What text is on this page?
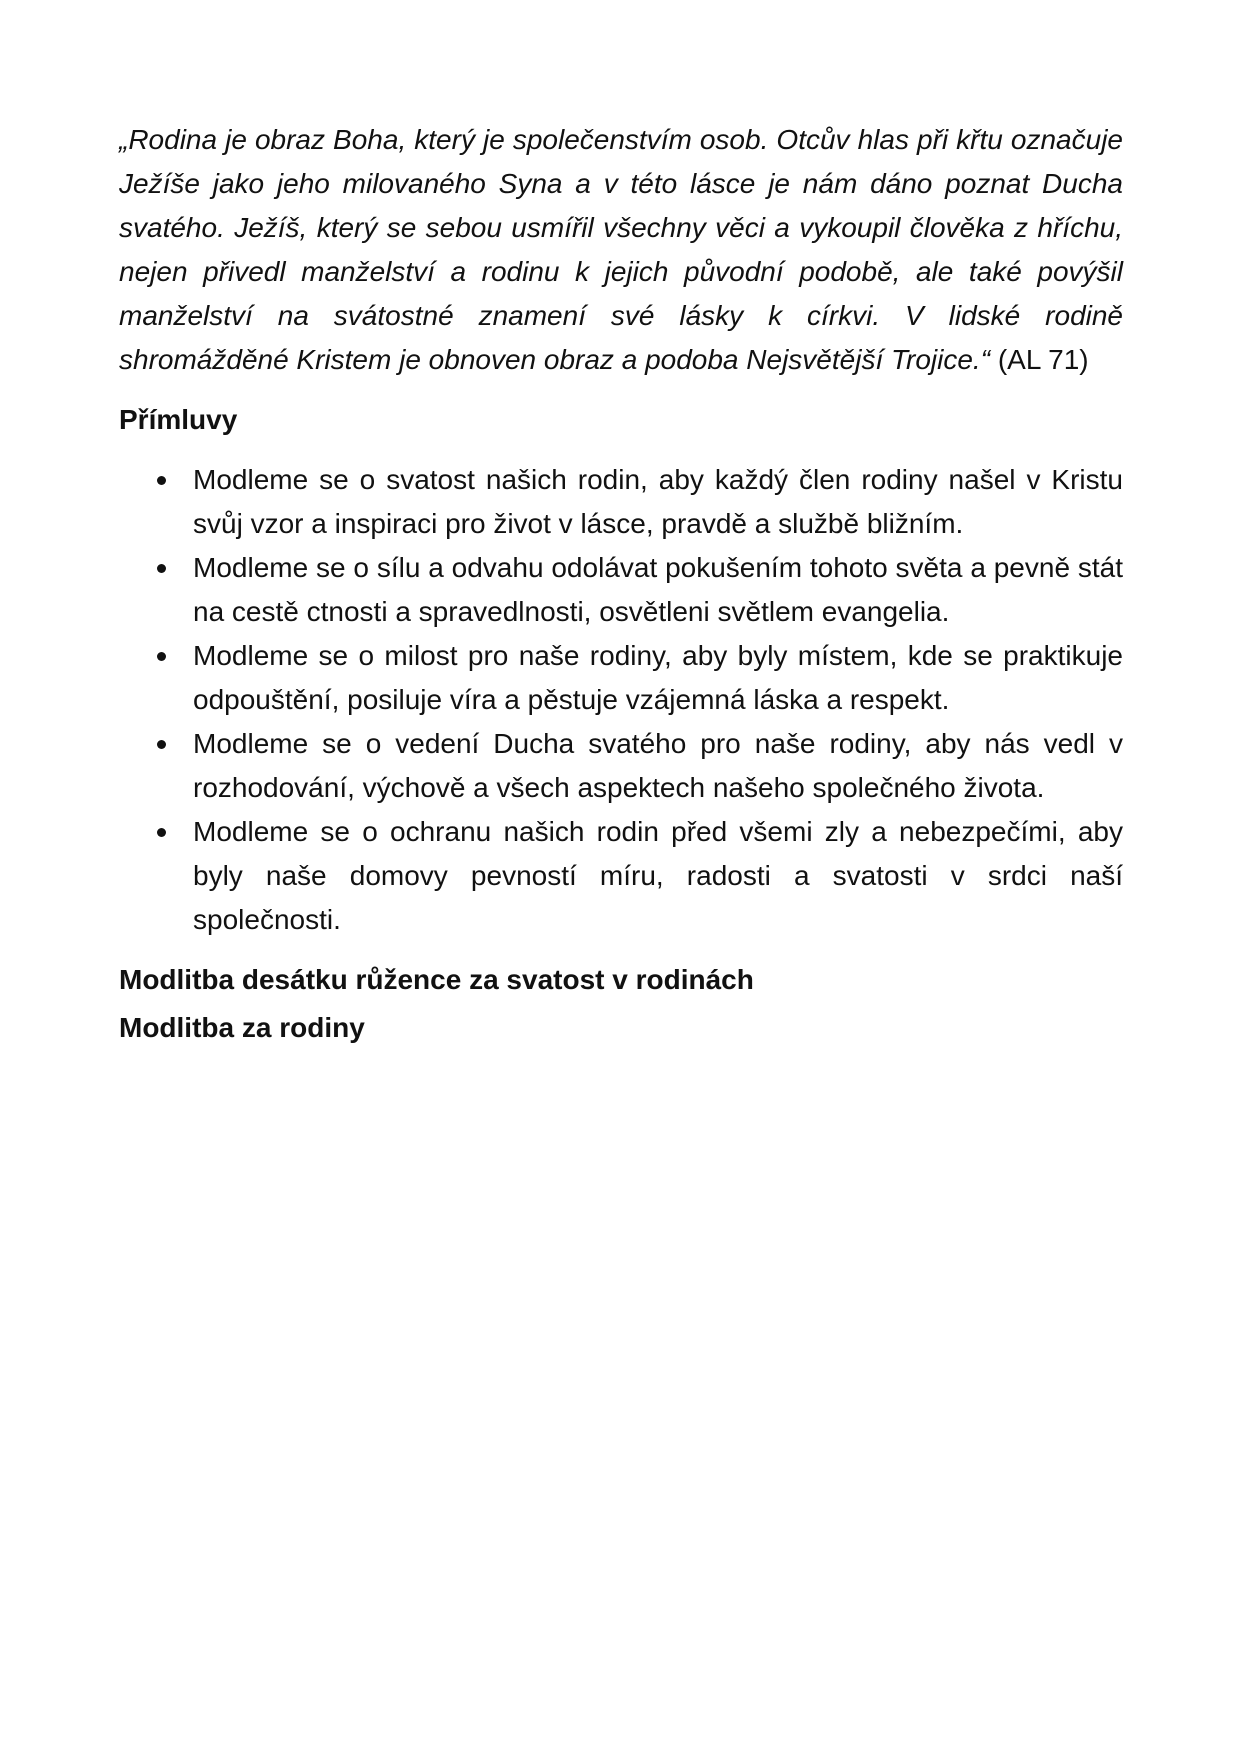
„Rodina je obraz Boha, který je společenstvím osob. Otcův hlas při křtu označuje Ježíše jako jeho milovaného Syna a v této lásce je nám dáno poznat Ducha svatého. Ježíš, který se sebou usmířil všechny věci a vykoupil člověka z hříchu, nejen přivedl manželství a rodinu k jejich původní podobě, ale také povýšil manželství na svátostné znamení své lásky k církvi. V lidské rodině shromážděné Kristem je obnoven obraz a podoba Nejsvětější Trojice.“ (AL 71)

Přímluvy

Modleme se o svatost našich rodin, aby každý člen rodiny našel v Kristu svůj vzor a inspiraci pro život v lásce, pravdě a službě bližním.
Modleme se o sílu a odvahu odolávat pokušením tohoto světa a pevně stát na cestě ctnosti a spravedlnosti, osvětleni světlem evangelia.
Modleme se o milost pro naše rodiny, aby byly místem, kde se praktikuje odpouštění, posiluje víra a pěstuje vzájemná láska a respekt.
Modleme se o vedení Ducha svatého pro naše rodiny, aby nás vedl v rozhodování, výchově a všech aspektech našeho společného života.
Modleme se o ochranu našich rodin před všemi zly a nebezpečími, aby byly naše domovy pevností míru, radosti a svatosti v srdci naší společnosti.

Modlitba desátku růžence za svatost v rodinách

Modlitba za rodiny
